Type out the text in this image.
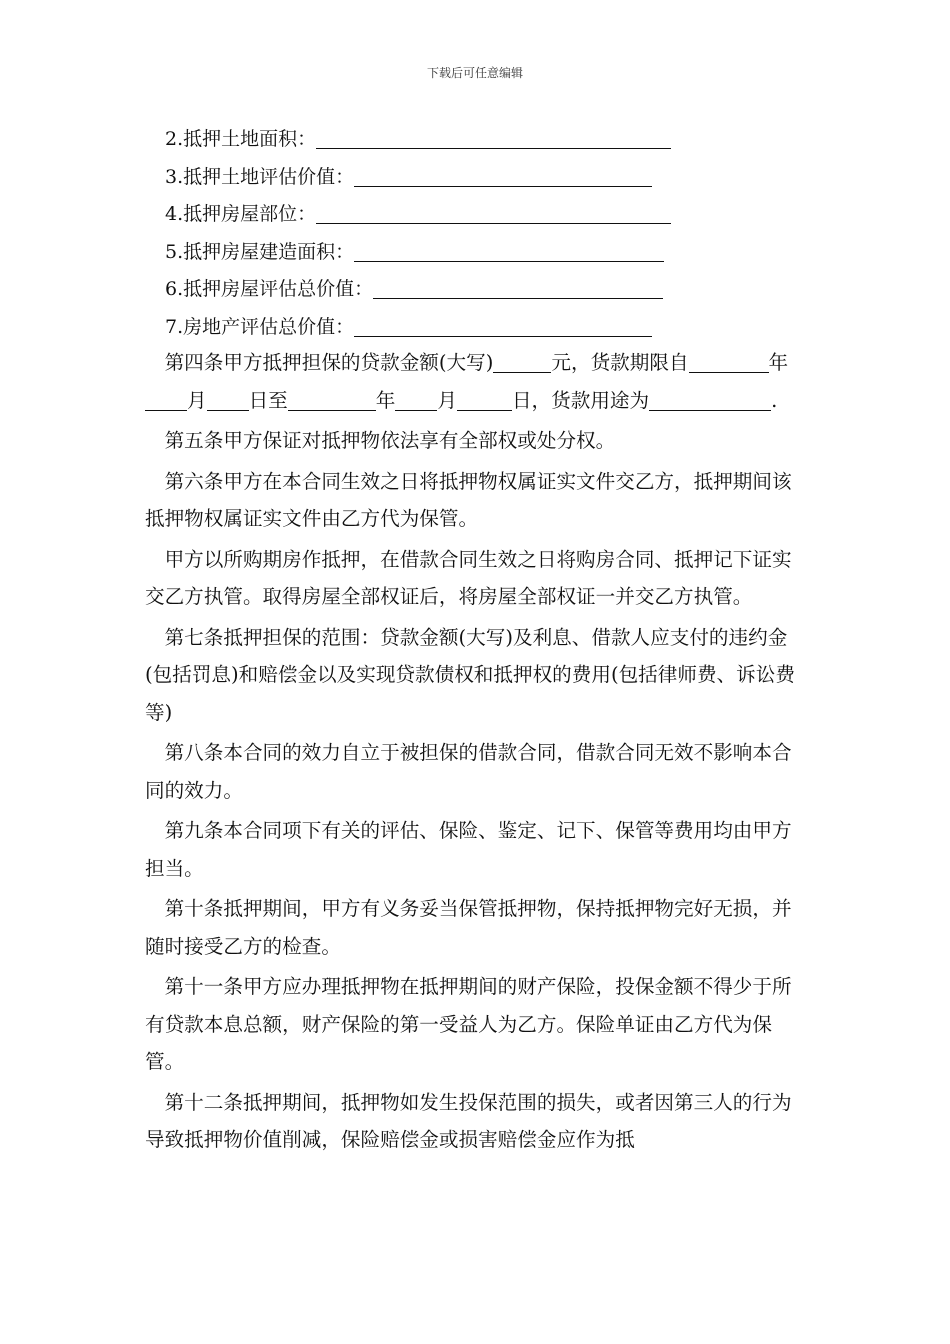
下载后可任意编辑
2.抵押土地面积：
3.抵押土地评估价值：
4.抵押房屋部位：
5.抵押房屋建造面积：
6.抵押房屋评估总价值：
7.房地产评估总价值：
第四条甲方抵押担保的贷款金额(大写)	元，货款期限自	年月 日至	年 月	日，货款用途为	.
第五条甲方保证对抵押物依法享有全部权或处分权。
第六条甲方在本合同生效之日将抵押物权属证实文件交乙方，抵押期间该抵押物权属证实文件由乙方代为保管。
甲方以所购期房作抵押，在借款合同生效之日将购房合同、抵押记下证实交乙方执管。取得房屋全部权证后，将房屋全部权证一并交乙方执管。
第七条抵押担保的范围：贷款金额(大写)及利息、借款人应支付的违约金(包括罚息)和赔偿金以及实现贷款债权和抵押权的费用(包括律师费、诉讼费等)
第八条本合同的效力自立于被担保的借款合同，借款合同无效不影响本合同的效力。
第九条本合同项下有关的评估、保险、鉴定、记下、保管等费用均由甲方担当。
第十条抵押期间，甲方有义务妥当保管抵押物，保持抵押物完好无损，并随时接受乙方的检查。
第十一条甲方应办理抵押物在抵押期间的财产保险，投保金额不得少于所有贷款本息总额，财产保险的第一受益人为乙方。保险单证由乙方代为保管。
第十二条抵押期间，抵押物如发生投保范围的损失，或者因第三人的行为导致抵押物价值削减，保险赔偿金或损害赔偿金应作为抵
